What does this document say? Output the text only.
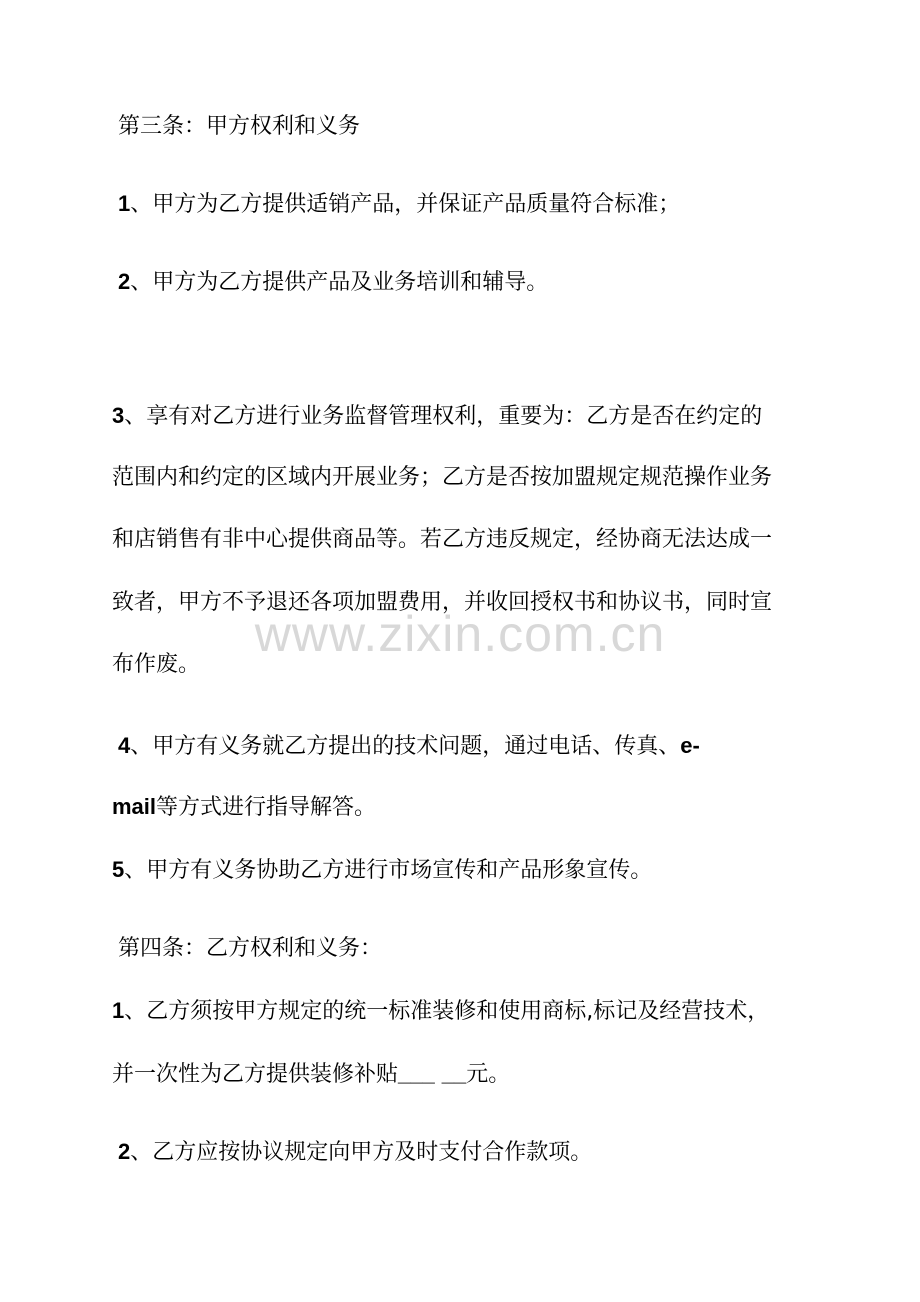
www.zixin.com.cn
第三条：甲方权利和义务
1、甲方为乙方提供适销产品，并保证产品质量符合标准；
2、甲方为乙方提供产品及业务培训和辅导。
3、享有对乙方进行业务监督管理权利，重要为：乙方是否在约定的
范围内和约定的区域内开展业务；乙方是否按加盟规定规范操作业务
和店销售有非中心提供商品等。若乙方违反规定，经协商无法达成一
致者，甲方不予退还各项加盟费用，并收回授权书和协议书，同时宣
布作废。
4、甲方有义务就乙方提出的技术问题，通过电话、传真、e-
mail等方式进行指导解答。
5、甲方有义务协助乙方进行市场宣传和产品形象宣传。
第四条：乙方权利和义务：
1、乙方须按甲方规定的统一标准装修和使用商标,标记及经营技术，
并一次性为乙方提供装修补贴___ __元。
2、乙方应按协议规定向甲方及时支付合作款项。
